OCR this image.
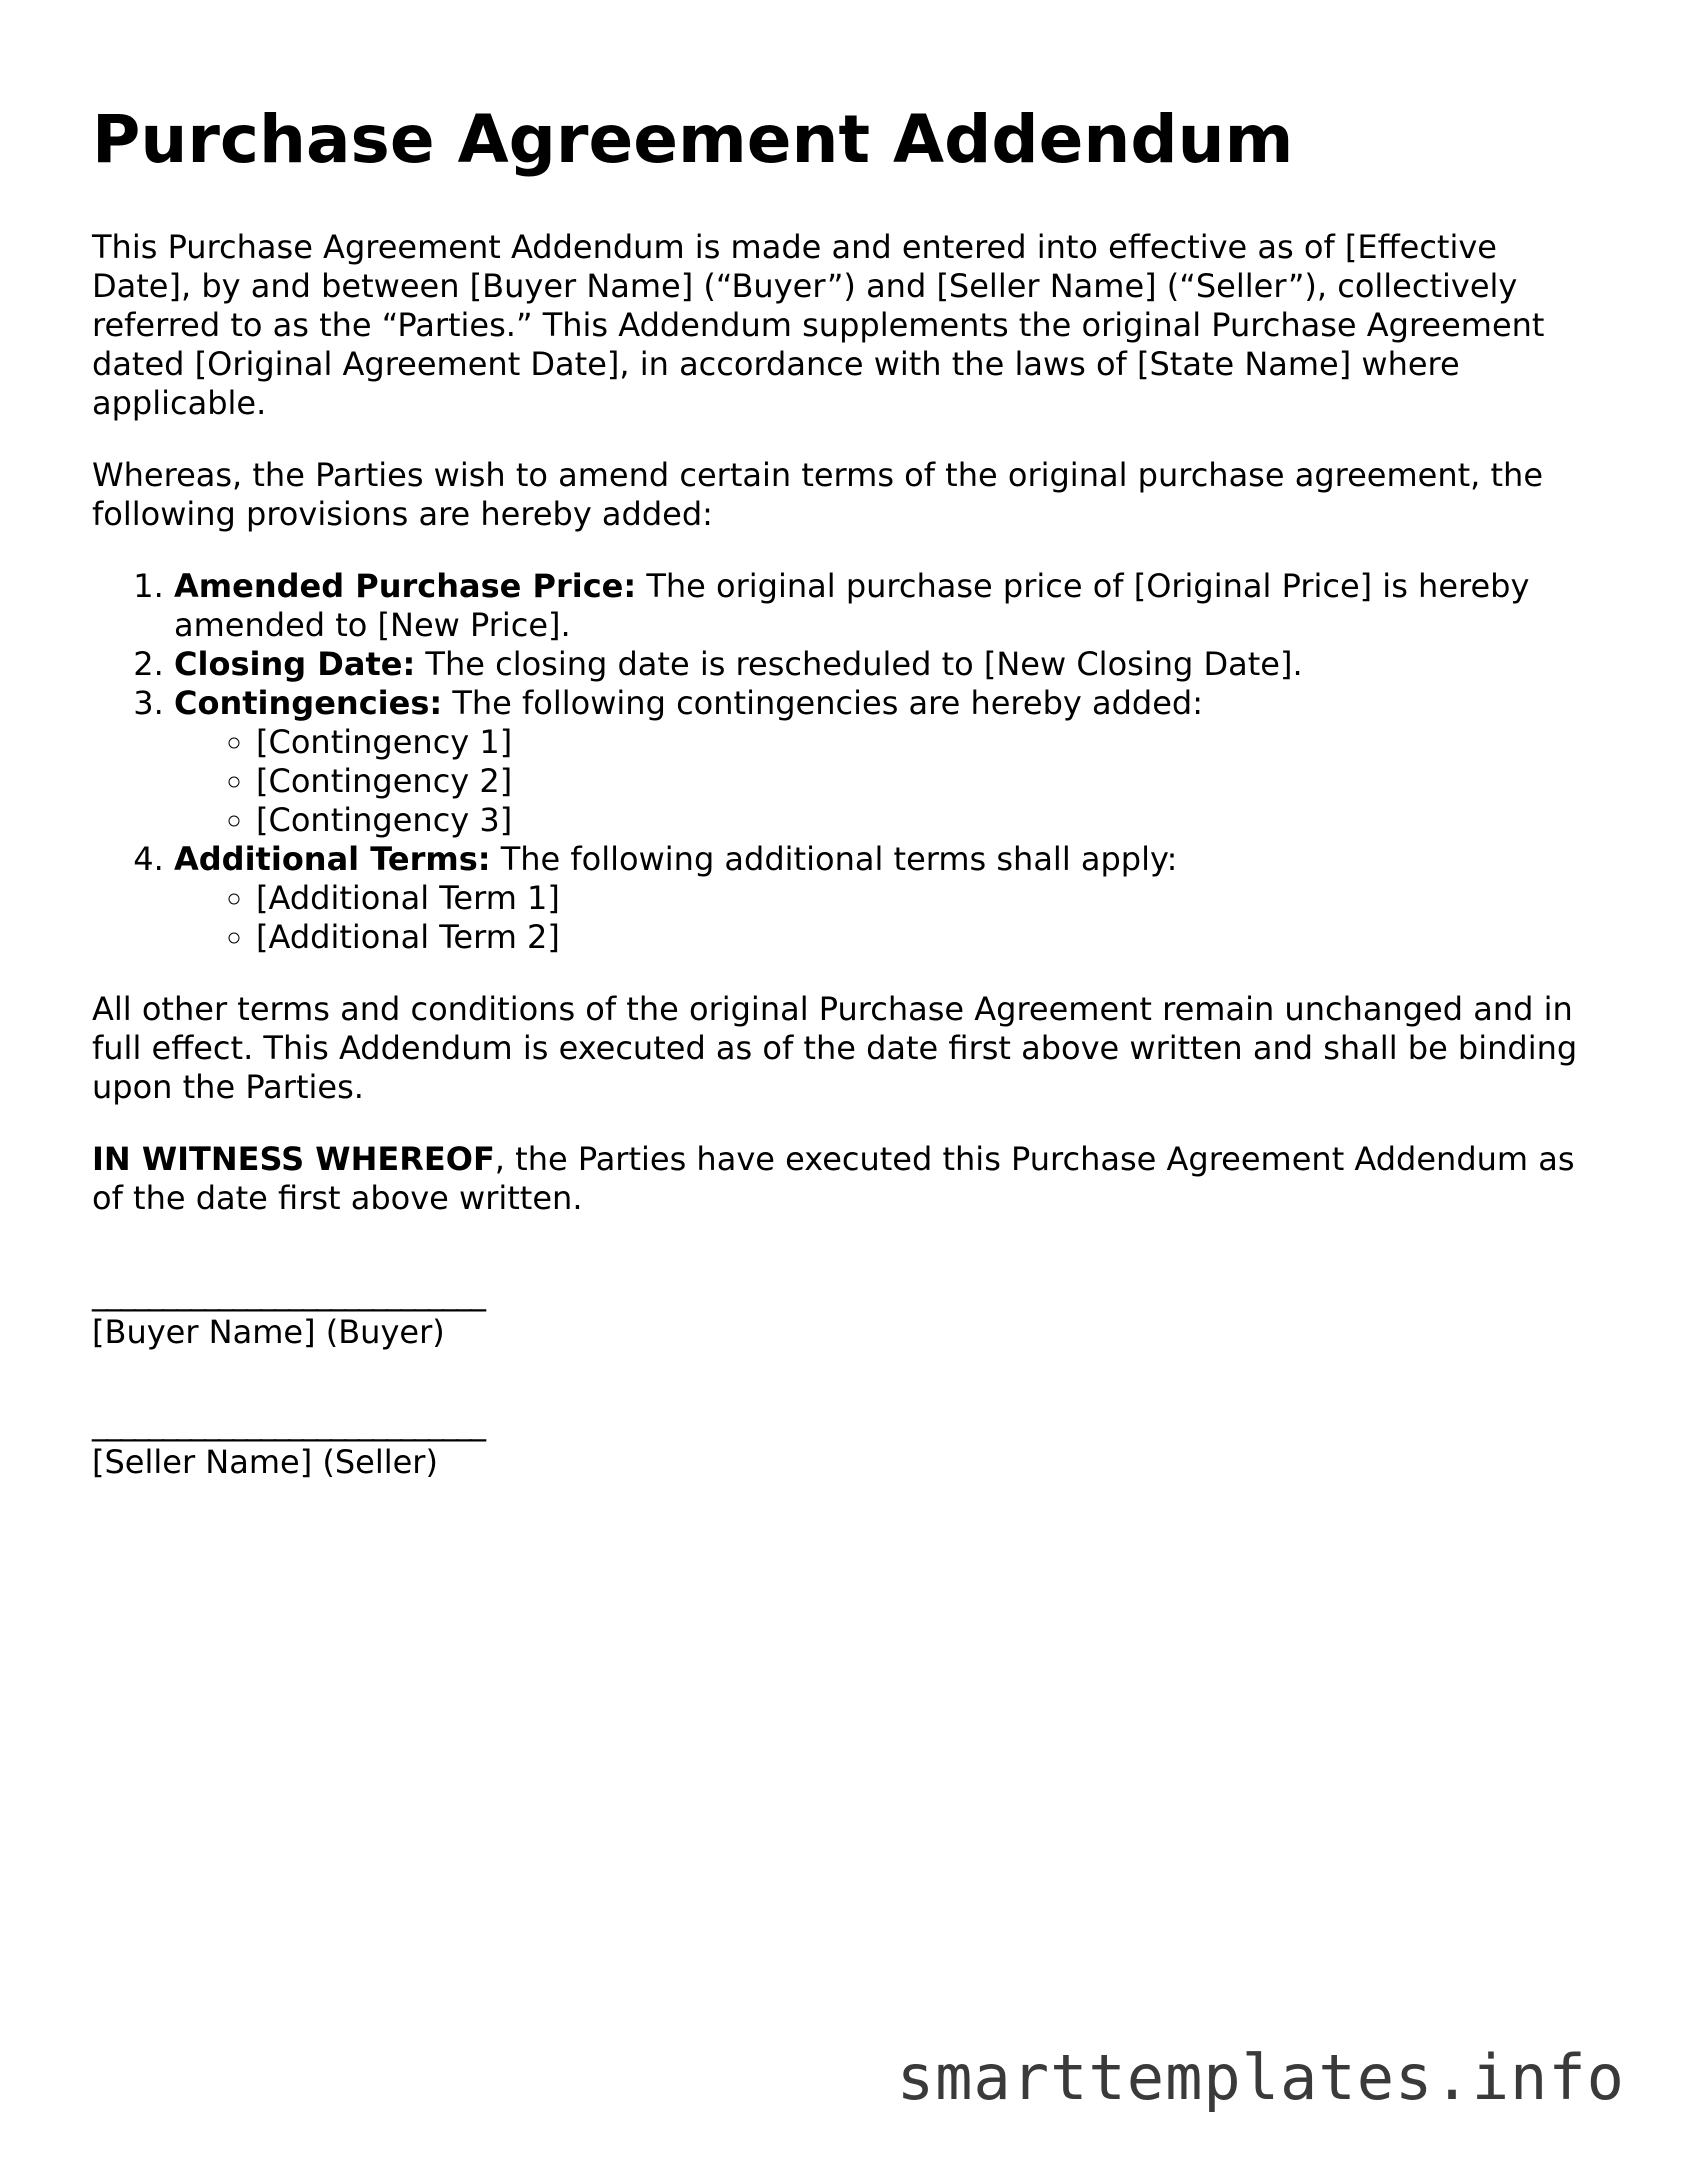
Purchase Agreement Addendum

This Purchase Agreement Addendum is made and entered into effective as of [Effective Date], by and between [Buyer Name] (“Buyer”) and [Seller Name] (“Seller”), collectively referred to as the “Parties.” This Addendum supplements the original Purchase Agreement dated [Original Agreement Date], in accordance with the laws of [State Name] where applicable.

Whereas, the Parties wish to amend certain terms of the original purchase agreement, the following provisions are hereby added:

1. Amended Purchase Price: The original purchase price of [Original Price] is hereby amended to [New Price].
2. Closing Date: The closing date is rescheduled to [New Closing Date].
3. Contingencies: The following contingencies are hereby added:
◦ [Contingency 1]
◦ [Contingency 2]
◦ [Contingency 3]
4. Additional Terms: The following additional terms shall apply:
◦ [Additional Term 1]
◦ [Additional Term 2]

All other terms and conditions of the original Purchase Agreement remain unchanged and in full effect. This Addendum is executed as of the date first above written and shall be binding upon the Parties.

IN WITNESS WHEREOF, the Parties have executed this Purchase Agreement Addendum as of the date first above written.

____________________________
[Buyer Name] (Buyer)
____________________________
[Seller Name] (Seller)
smarttemplates.info
